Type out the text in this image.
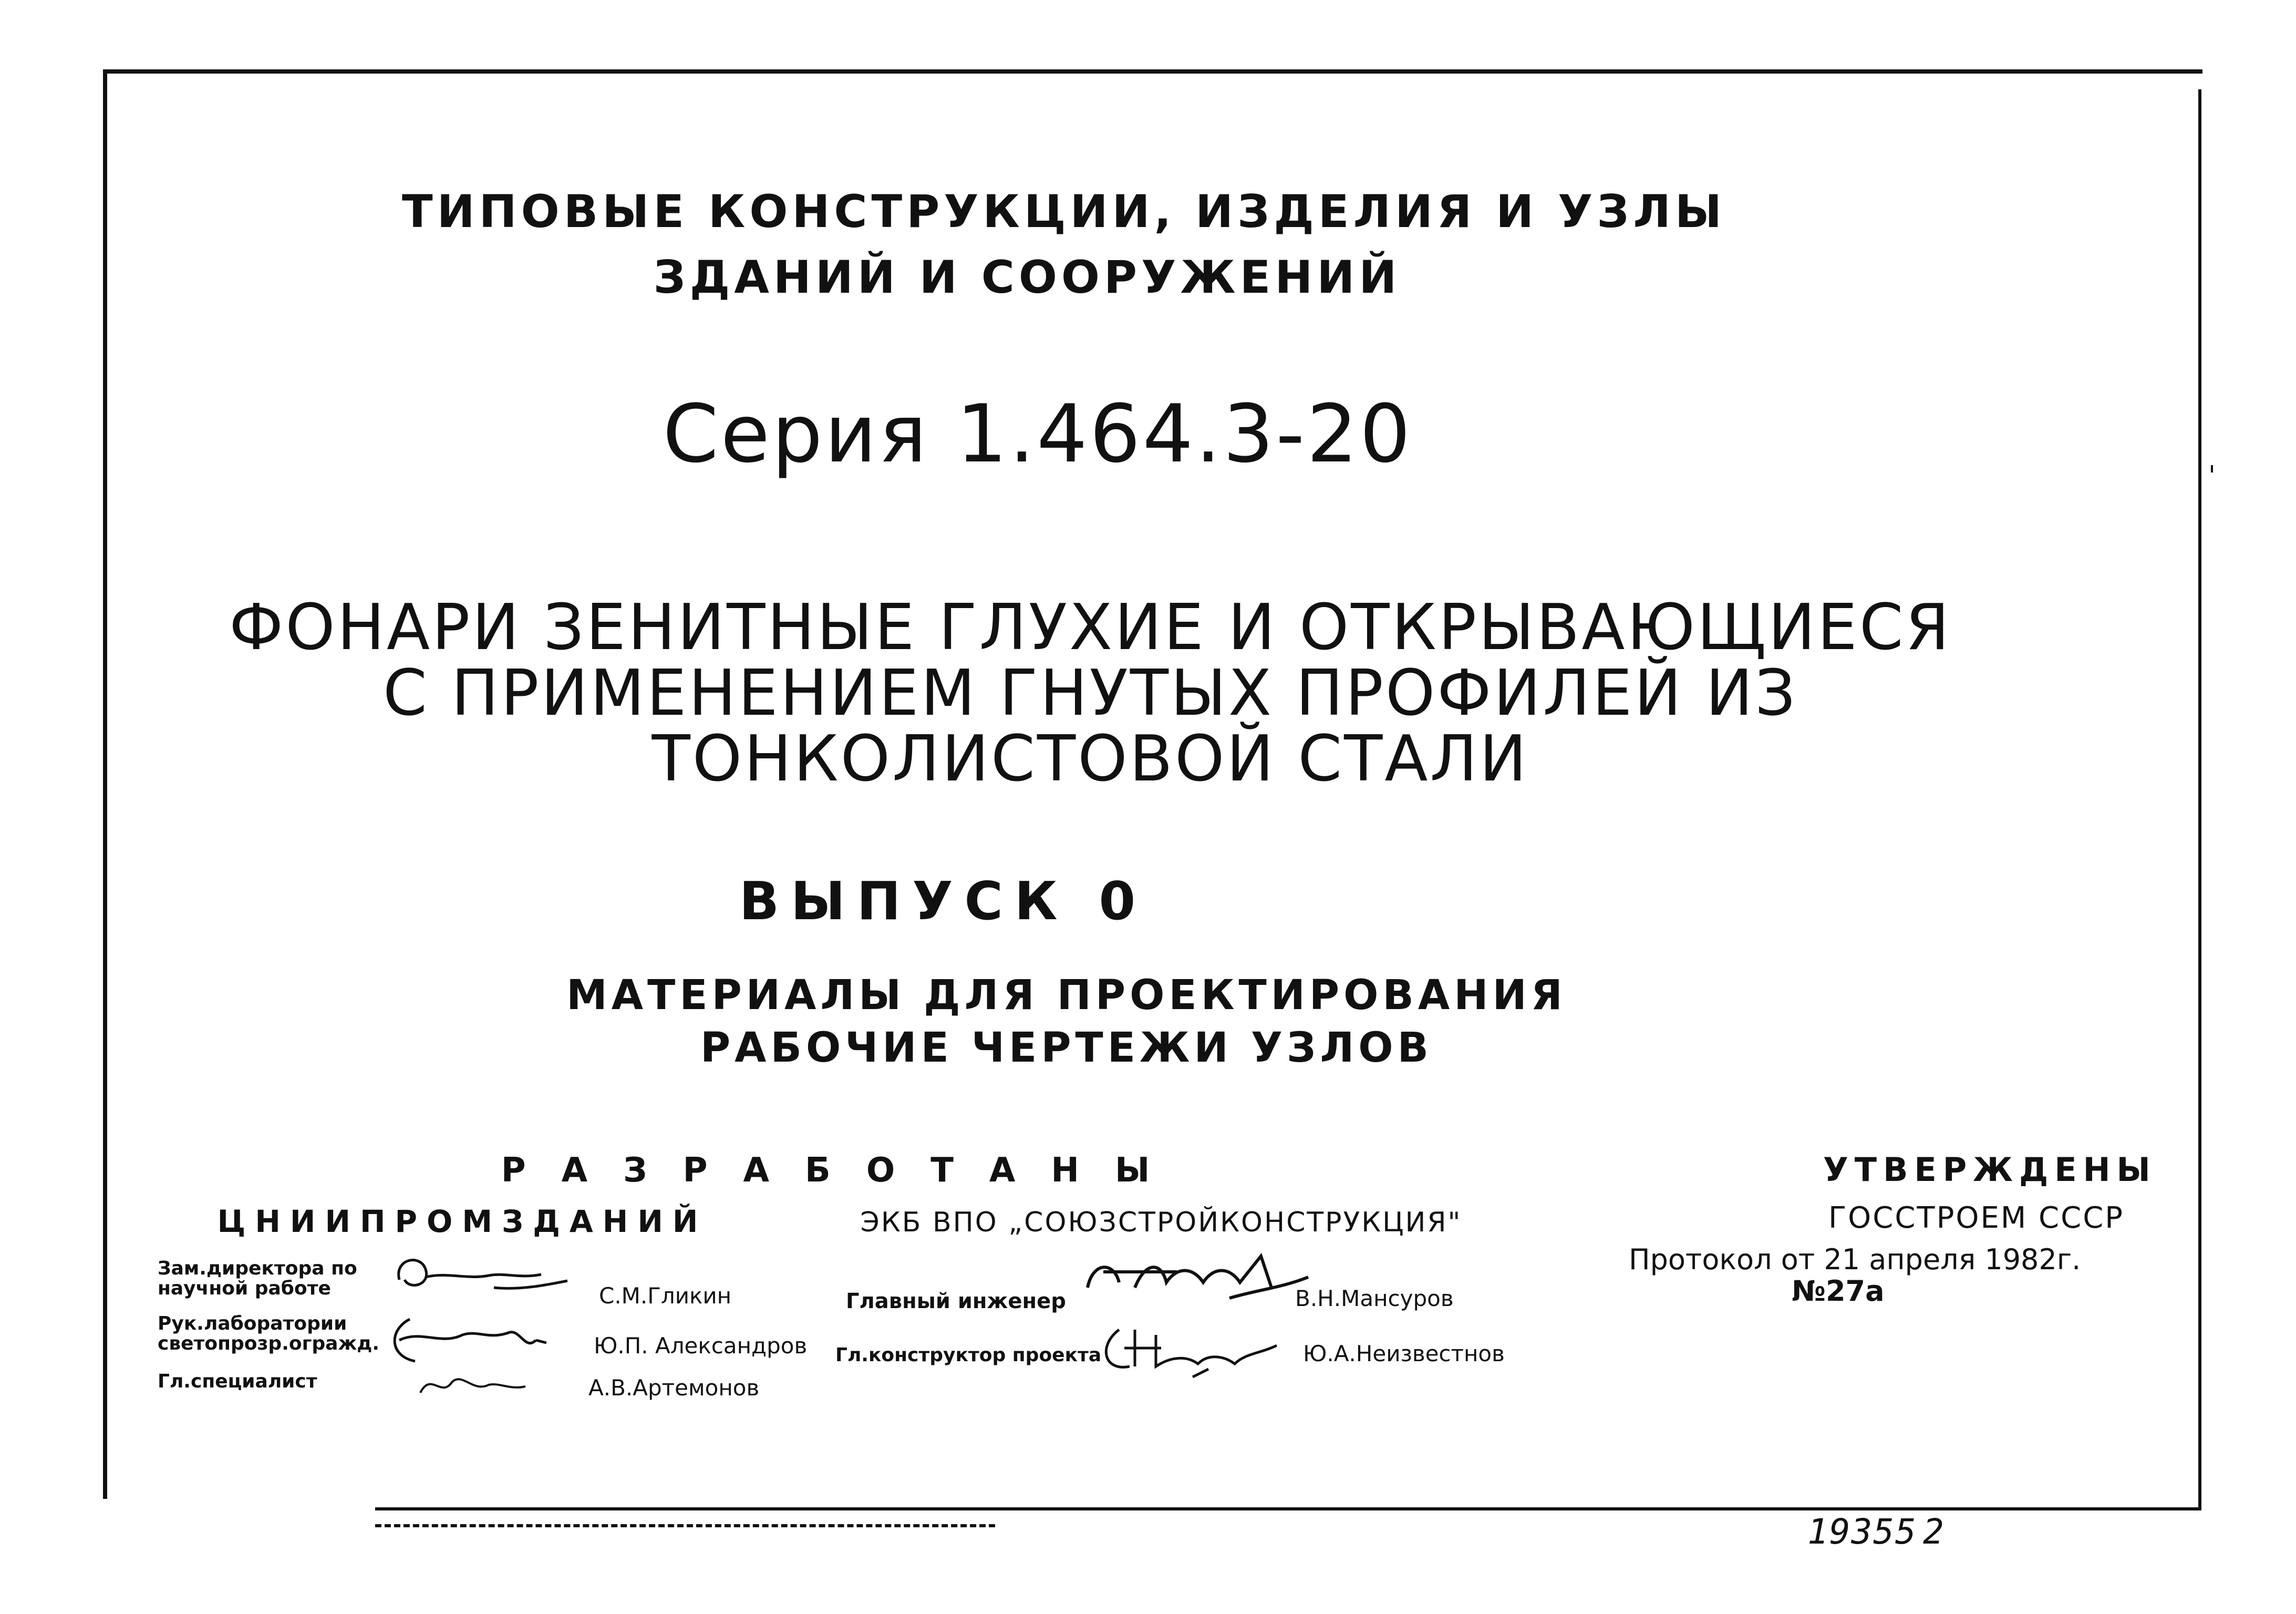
ТИПОВЫЕ КОНСТРУКЦИИ, ИЗДЕЛИЯ И УЗЛЫ
ЗДАНИЙ И СООРУЖЕНИЙ
Серия 1.464.3-20
ФОНАРИ ЗЕНИТНЫЕ ГЛУХИЕ И ОТКРЫВАЮЩИЕСЯ
С ПРИМЕНЕНИЕМ ГНУТЫХ ПРОФИЛЕЙ ИЗ
ТОНКОЛИСТОВОЙ СТАЛИ
ВЫПУСК 0
МАТЕРИАЛЫ ДЛЯ ПРОЕКТИРОВАНИЯ
РАБОЧИЕ ЧЕРТЕЖИ УЗЛОВ
РАЗРАБОТАНЫ
ЦНИИПРОМЗДАНИЙ	ЭКБ ВПО „СОЮЗСТРОЙКОНСТРУКЦИЯ"
Зам.директора по научной работе	С.М.Гликин
Рук.лаборатории светопрозр.огражд.	Ю.П. Александров
Гл.специалист	А.В.Артемонов
Главный инженер	В.Н.Мансуров
Гл.конструктор проекта	Ю.А.Неизвестнов
УТВЕРЖДЕНЫ
ГОССТРОЕМ СССР
Протокол от 21 апреля 1982г.
№27а
19355 2
